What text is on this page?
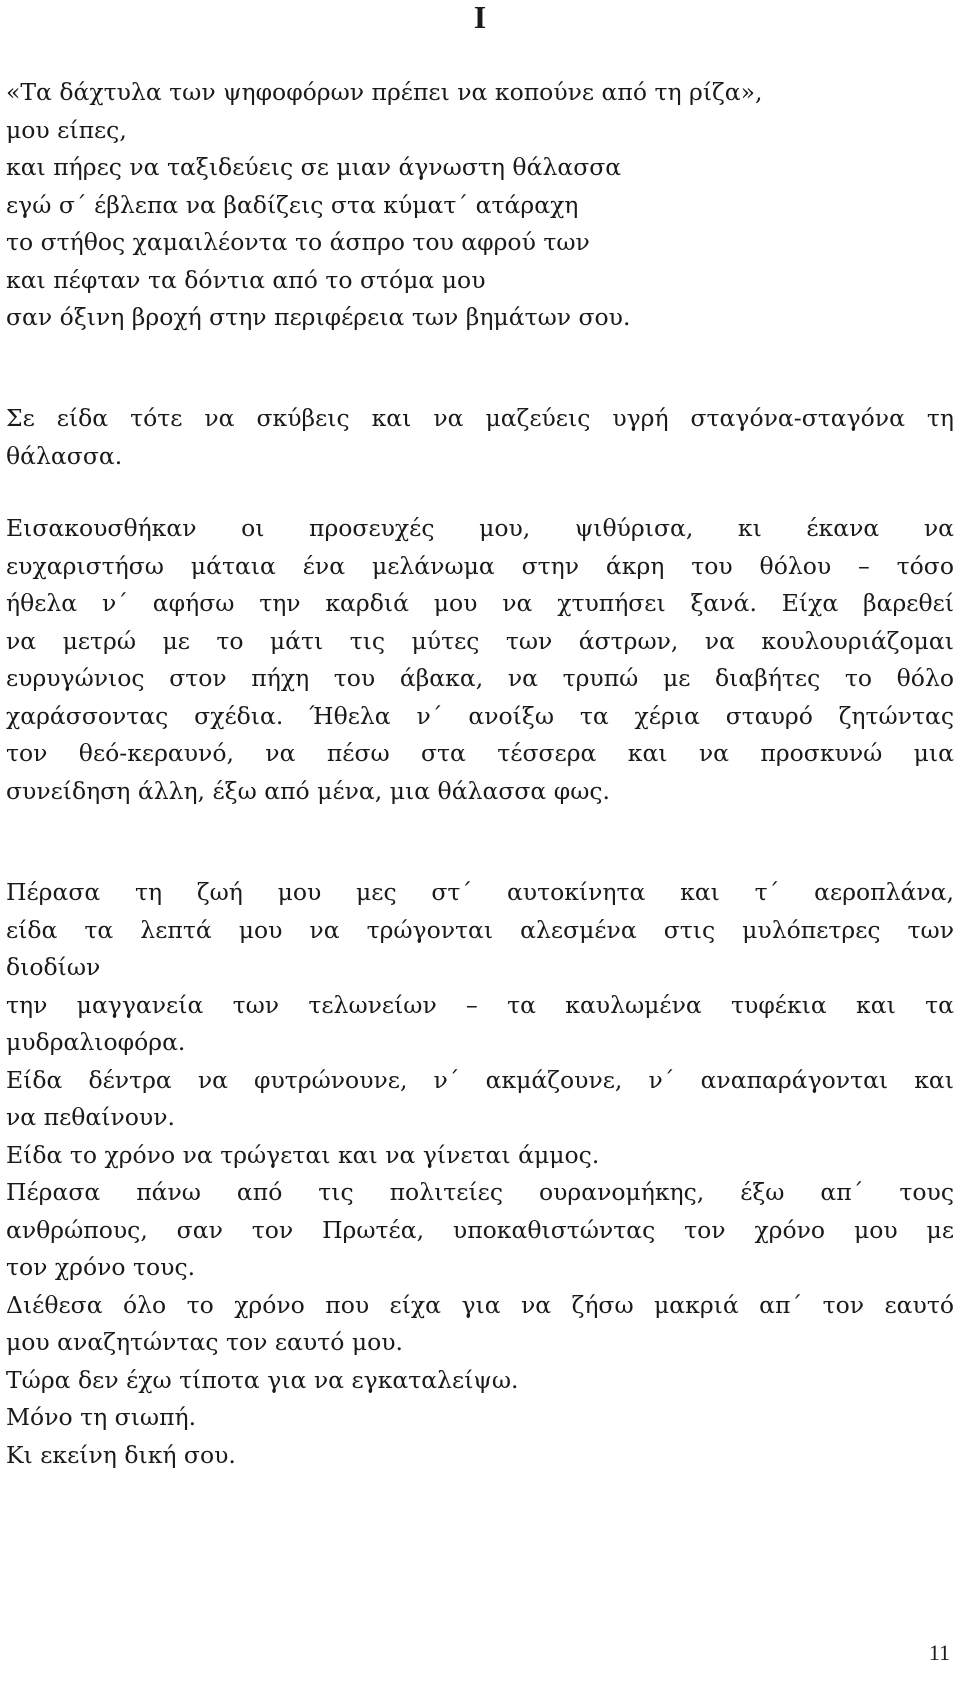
I
«Τα δάχτυλα των ψηφοφόρων πρέπει να κοπούνε από τη ρίζα»,
μου είπες,
και πήρες να ταξιδεύεις σε μιαν άγνωστη θάλασσα
εγώ σ΄ έβλεπα να βαδίζεις στα κύματ΄ ατάραχη
το στήθος χαμαιλέοντα το άσπρο του αφρού των
και πέφταν τα δόντια από το στόμα μου
σαν όξινη βροχή στην περιφέρεια των βημάτων σου.
Σε είδα τότε να σκύβεις και να μαζεύεις υγρή σταγόνα-σταγόνα τη
θάλασσα.
Εισακουσθήκαν οι προσευχές μου, ψιθύρισα, κι έκανα να
ευχαριστήσω μάταια ένα μελάνωμα στην άκρη του θόλου – τόσο
ήθελα ν΄ αφήσω την καρδιά μου να χτυπήσει ξανά. Είχα βαρεθεί
να μετρώ με το μάτι τις μύτες των άστρων, να κουλουριάζομαι
ευρυγώνιος στον πήχη του άβακα, να τρυπώ με διαβήτες το θόλο
χαράσσοντας σχέδια. Ήθελα ν΄ ανοίξω τα χέρια σταυρό ζητώντας
τον θεό-κεραυνό, να πέσω στα τέσσερα και να προσκυνώ μια
συνείδηση άλλη, έξω από μένα, μια θάλασσα φως.
Πέρασα τη ζωή μου μες στ΄ αυτοκίνητα και τ΄ αεροπλάνα,
είδα τα λεπτά μου να τρώγονται αλεσμένα στις μυλόπετρες των
διοδίων
την μαγγανεία των τελωνείων – τα καυλωμένα τυφέκια και τα
μυδραλιοφόρα.
Είδα δέντρα να φυτρώνουνε, ν΄ ακμάζουνε, ν΄ αναπαράγονται και
να πεθαίνουν.
Είδα το χρόνο να τρώγεται και να γίνεται άμμος.
Πέρασα πάνω από τις πολιτείες ουρανομήκης, έξω απ΄ τους
ανθρώπους, σαν τον Πρωτέα, υποκαθιστώντας τον χρόνο μου με
τον χρόνο τους.
Διέθεσα όλο το χρόνο που είχα για να ζήσω μακριά απ΄ τον εαυτό
μου αναζητώντας τον εαυτό μου.
Τώρα δεν έχω τίποτα για να εγκαταλείψω.
Μόνο τη σιωπή.
Κι εκείνη δική σου.
11
